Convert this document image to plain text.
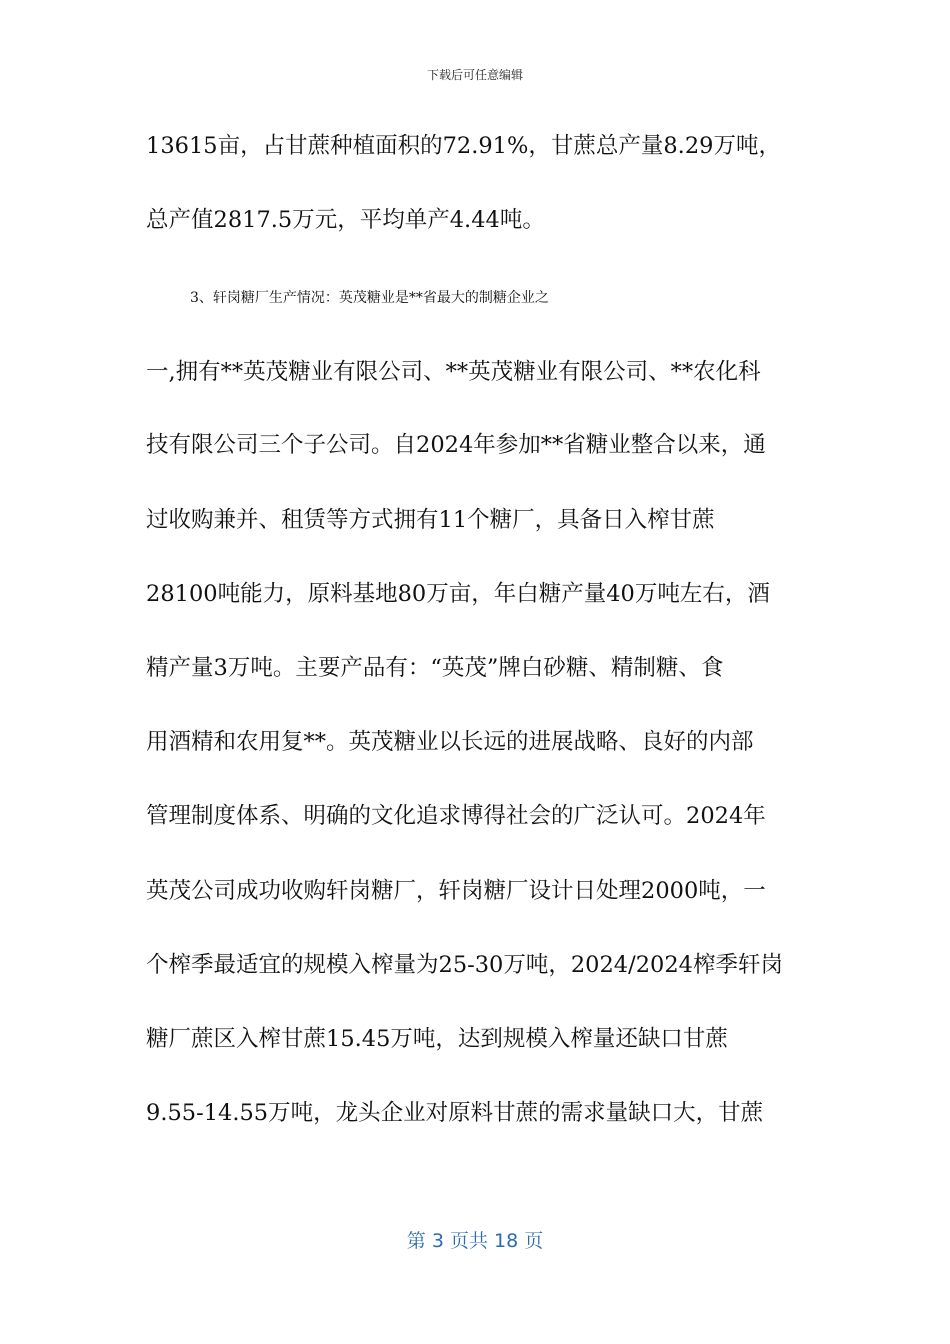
下载后可任意编辑
13615亩，占甘蔗种植面积的72.91%，甘蔗总产量8.29万吨，
总产值2817.5万元，平均单产4.44吨。
3、轩岗糖厂生产情况：英茂糖业是**省最大的制糖企业之
一,拥有**英茂糖业有限公司、**英茂糖业有限公司、**农化科
技有限公司三个子公司。自2024年参加**省糖业整合以来，通
过收购兼并、租赁等方式拥有11个糖厂，具备日入榨甘蔗
28100吨能力，原料基地80万亩，年白糖产量40万吨左右，酒
精产量3万吨。主要产品有：“英茂”牌白砂糖、精制糖、食
用酒精和农用复**。英茂糖业以长远的进展战略、良好的内部
管理制度体系、明确的文化追求博得社会的广泛认可。2024年
英茂公司成功收购轩岗糖厂，轩岗糖厂设计日处理2000吨，一
个榨季最适宜的规模入榨量为25-30万吨，2024/2024榨季轩岗
糖厂蔗区入榨甘蔗15.45万吨，达到规模入榨量还缺口甘蔗
9.55-14.55万吨，龙头企业对原料甘蔗的需求量缺口大，甘蔗
第 3 页共 18 页
